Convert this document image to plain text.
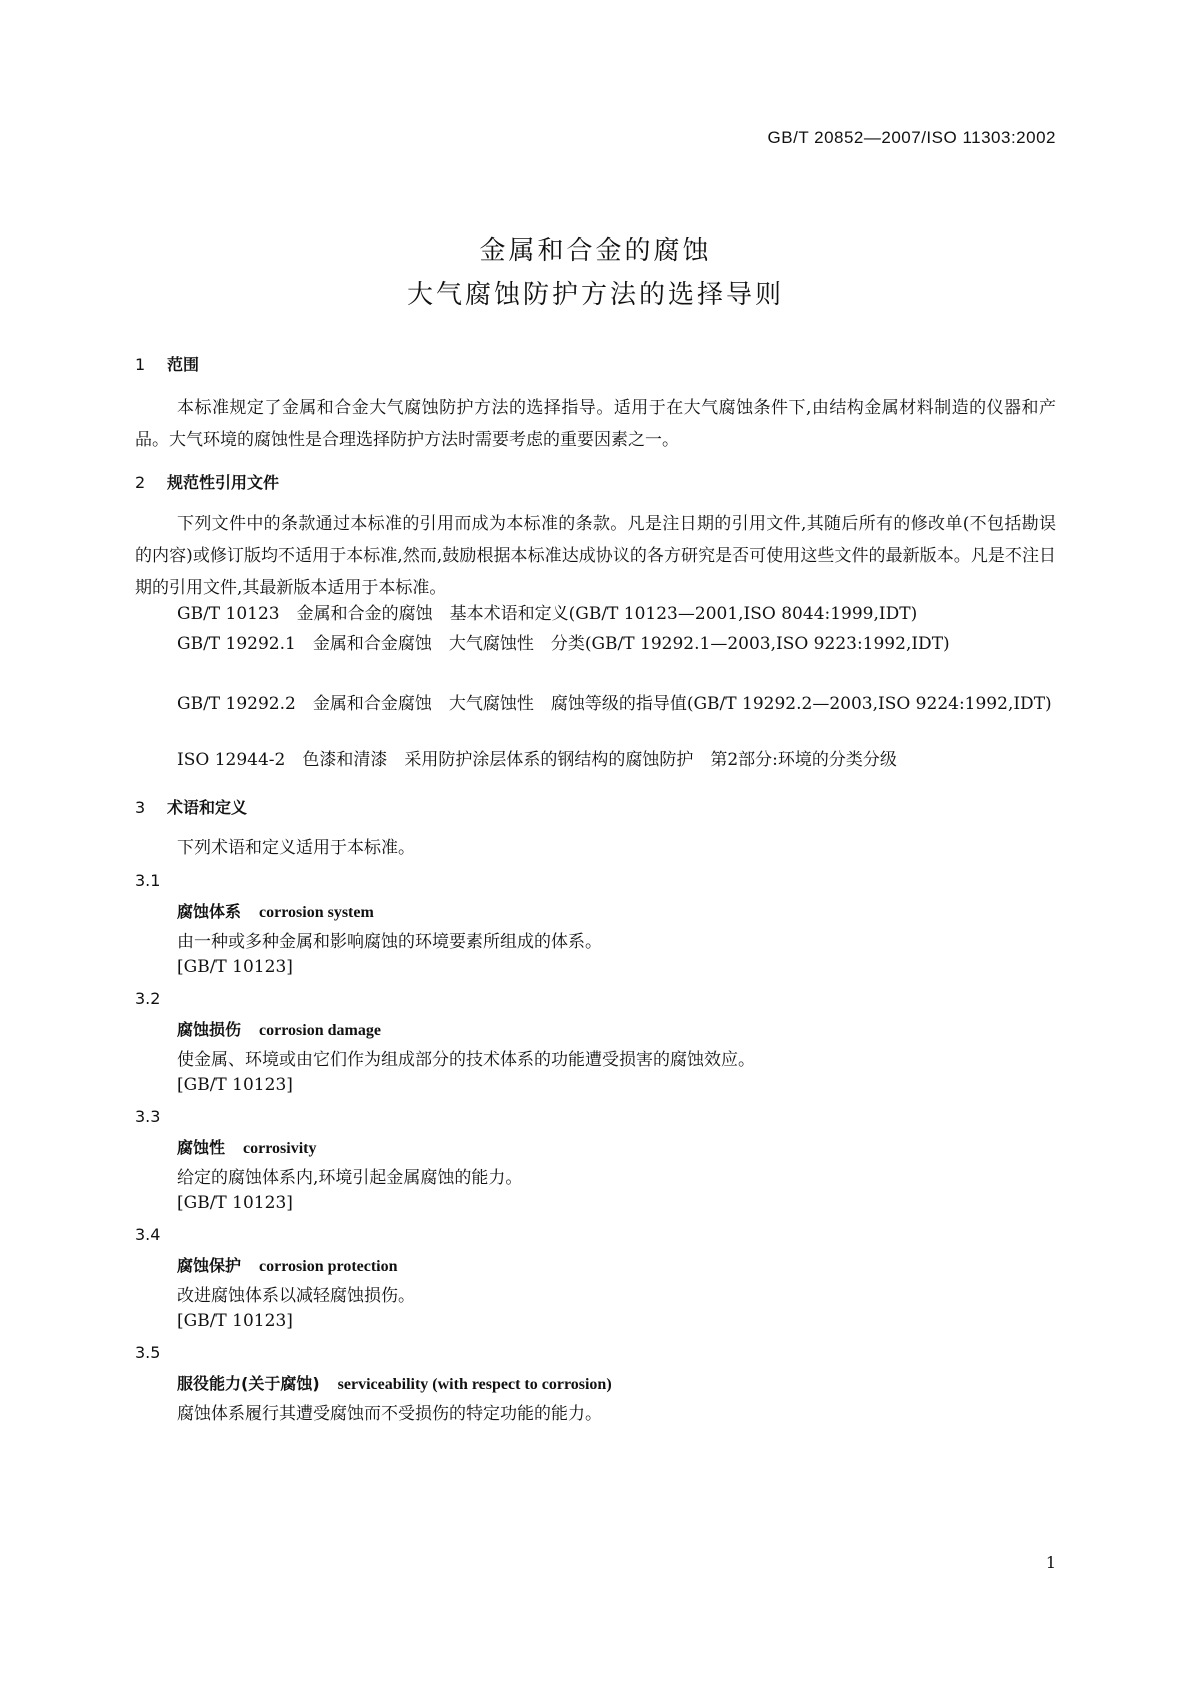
GB/T 20852—2007/ISO 11303:2002
金属和合金的腐蚀
大气腐蚀防护方法的选择导则
1 范围
本标准规定了金属和合金大气腐蚀防护方法的选择指导。适用于在大气腐蚀条件下,由结构金属材料制造的仪器和产品。大气环境的腐蚀性是合理选择防护方法时需要考虑的重要因素之一。
2 规范性引用文件
下列文件中的条款通过本标准的引用而成为本标准的条款。凡是注日期的引用文件,其随后所有的修改单(不包括勘误的内容)或修订版均不适用于本标准,然而,鼓励根据本标准达成协议的各方研究是否可使用这些文件的最新版本。凡是不注日期的引用文件,其最新版本适用于本标准。
GB/T 10123　金属和合金的腐蚀　基本术语和定义(GB/T 10123—2001,ISO 8044:1999,IDT)
GB/T 19292.1　金属和合金腐蚀　大气腐蚀性　分类(GB/T 19292.1—2003,ISO 9223:1992,IDT)
GB/T 19292.2　金属和合金腐蚀　大气腐蚀性　腐蚀等级的指导值(GB/T 19292.2—2003,ISO 9224:1992,IDT)
ISO 12944-2　色漆和清漆　采用防护涂层体系的钢结构的腐蚀防护　第2部分:环境的分类分级
3 术语和定义
下列术语和定义适用于本标准。
3.1
腐蚀体系 corrosion system
由一种或多种金属和影响腐蚀的环境要素所组成的体系。
[GB/T 10123]
3.2
腐蚀损伤 corrosion damage
使金属、环境或由它们作为组成部分的技术体系的功能遭受损害的腐蚀效应。
[GB/T 10123]
3.3
腐蚀性 corrosivity
给定的腐蚀体系内,环境引起金属腐蚀的能力。
[GB/T 10123]
3.4
腐蚀保护 corrosion protection
改进腐蚀体系以减轻腐蚀损伤。
[GB/T 10123]
3.5
服役能力(关于腐蚀) serviceability (with respect to corrosion)
腐蚀体系履行其遭受腐蚀而不受损伤的特定功能的能力。
1
